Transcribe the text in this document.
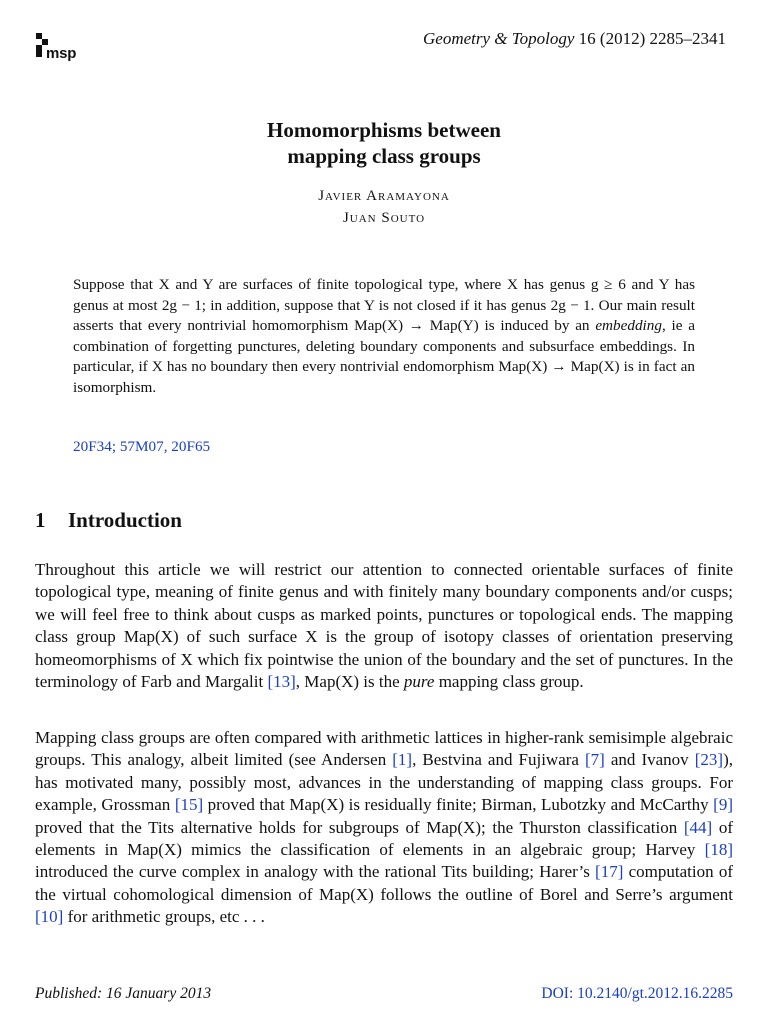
msp
Geometry & Topology 16 (2012) 2285–2341
Homomorphisms between
mapping class groups
Javier Aramayona
Juan Souto
Suppose that X and Y are surfaces of finite topological type, where X has genus g ≥ 6 and Y has genus at most 2g − 1; in addition, suppose that Y is not closed if it has genus 2g − 1. Our main result asserts that every nontrivial homomorphism Map(X) → Map(Y) is induced by an embedding, ie a combination of forgetting punctures, deleting boundary components and subsurface embeddings. In particular, if X has no boundary then every nontrivial endomorphism Map(X) → Map(X) is in fact an isomorphism.
20F34; 57M07, 20F65
1 Introduction
Throughout this article we will restrict our attention to connected orientable surfaces of finite topological type, meaning of finite genus and with finitely many boundary components and/or cusps; we will feel free to think about cusps as marked points, punctures or topological ends. The mapping class group Map(X) of such surface X is the group of isotopy classes of orientation preserving homeomorphisms of X which fix pointwise the union of the boundary and the set of punctures. In the terminology of Farb and Margalit [13], Map(X) is the pure mapping class group.
Mapping class groups are often compared with arithmetic lattices in higher-rank semisimple algebraic groups. This analogy, albeit limited (see Andersen [1], Bestvina and Fujiwara [7] and Ivanov [23]), has motivated many, possibly most, advances in the understanding of mapping class groups. For example, Grossman [15] proved that Map(X) is residually finite; Birman, Lubotzky and McCarthy [9] proved that the Tits alternative holds for subgroups of Map(X); the Thurston classification [44] of elements in Map(X) mimics the classification of elements in an algebraic group; Harvey [18] introduced the curve complex in analogy with the rational Tits building; Harer’s [17] computation of the virtual cohomological dimension of Map(X) follows the outline of Borel and Serre’s argument [10] for arithmetic groups, etc . . .
Published: 16 January 2013	DOI: 10.2140/gt.2012.16.2285
